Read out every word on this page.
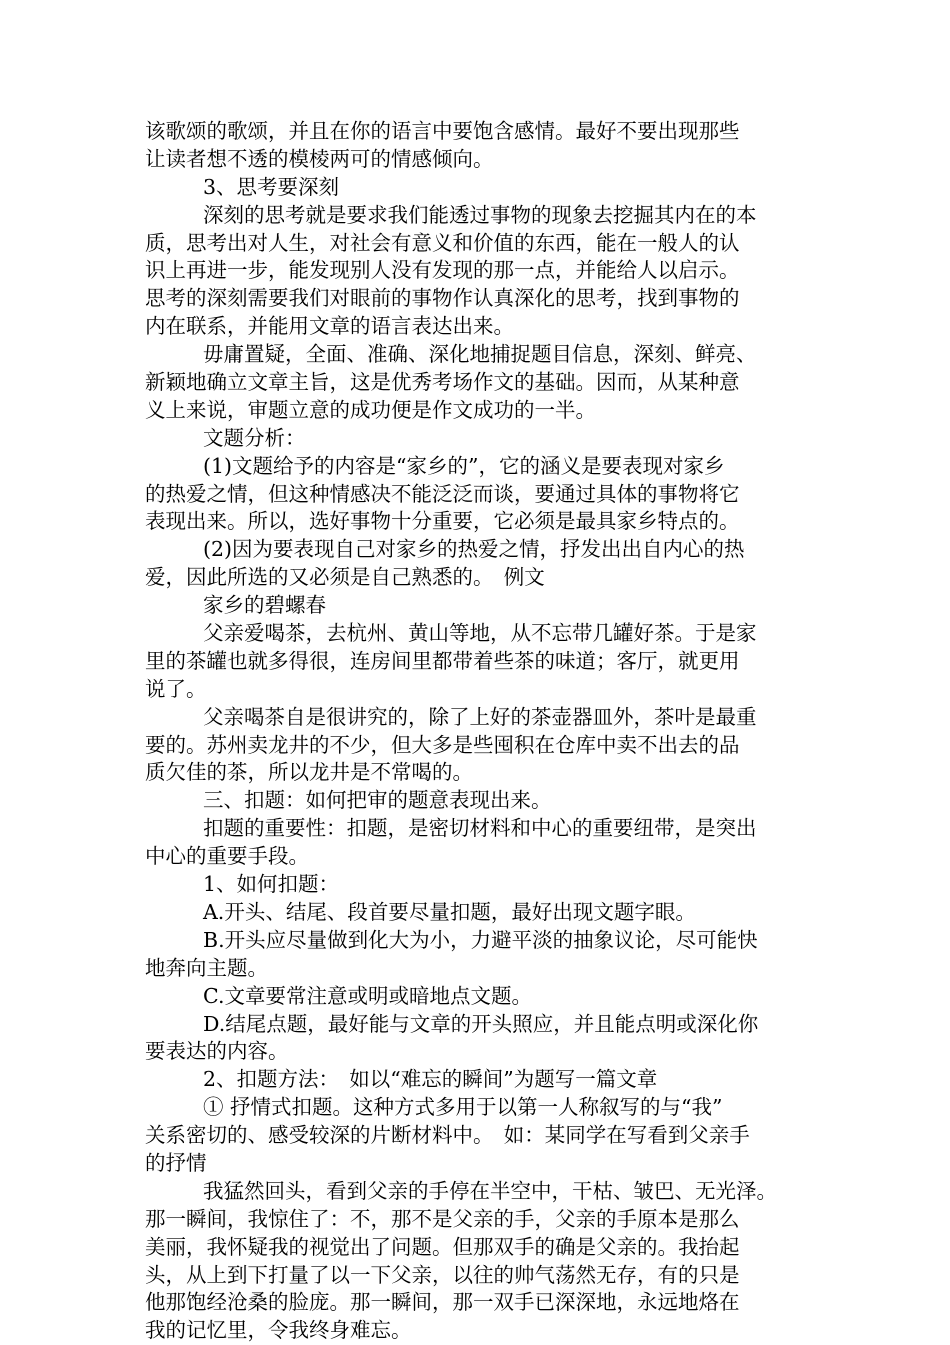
该歌颂的歌颂，并且在你的语言中要饱含感情。最好不要出现那些
让读者想不透的模棱两可的情感倾向。
3、思考要深刻
深刻的思考就是要求我们能透过事物的现象去挖掘其内在的本
质，思考出对人生，对社会有意义和价值的东西，能在一般人的认
识上再进一步，能发现别人没有发现的那一点，并能给人以启示。
思考的深刻需要我们对眼前的事物作认真深化的思考，找到事物的
内在联系，并能用文章的语言表达出来。
毋庸置疑，全面、准确、深化地捕捉题目信息，深刻、鲜亮、
新颖地确立文章主旨，这是优秀考场作文的基础。因而，从某种意
义上来说，审题立意的成功便是作文成功的一半。
文题分析：
(1)文题给予的内容是“家乡的”，它的涵义是要表现对家乡
的热爱之情，但这种情感决不能泛泛而谈，要通过具体的事物将它
表现出来。所以，选好事物十分重要，它必须是最具家乡特点的。
(2)因为要表现自己对家乡的热爱之情，抒发出出自内心的热
爱，因此所选的又必须是自己熟悉的。　例文
家乡的碧螺春
父亲爱喝茶，去杭州、黄山等地，从不忘带几罐好茶。于是家
里的茶罐也就多得很，连房间里都带着些茶的味道；客厅，就更用
说了。
父亲喝茶自是很讲究的，除了上好的茶壶器皿外，茶叶是最重
要的。苏州卖龙井的不少，但大多是些囤积在仓库中卖不出去的品
质欠佳的茶，所以龙井是不常喝的。
三、扣题：如何把审的题意表现出来。
扣题的重要性：扣题，是密切材料和中心的重要纽带，是突出
中心的重要手段。
1、如何扣题：
A.开头、结尾、段首要尽量扣题，最好出现文题字眼。
B.开头应尽量做到化大为小，力避平淡的抽象议论，尽可能快
地奔向主题。
C.文章要常注意或明或暗地点文题。
D.结尾点题，最好能与文章的开头照应，并且能点明或深化你
要表达的内容。
2、扣题方法：　如以“难忘的瞬间”为题写一篇文章
① 抒情式扣题。这种方式多用于以第一人称叙写的与“我”
关系密切的、感受较深的片断材料中。　如：某同学在写看到父亲手
的抒情
我猛然回头，看到父亲的手停在半空中，干枯、皱巴、无光泽。
那一瞬间，我惊住了：不，那不是父亲的手，父亲的手原本是那么
美丽，我怀疑我的视觉出了问题。但那双手的确是父亲的。我抬起
头，从上到下打量了以一下父亲，以往的帅气荡然无存，有的只是
他那饱经沧桑的脸庞。那一瞬间，那一双手已深深地，永远地烙在
我的记忆里，令我终身难忘。
